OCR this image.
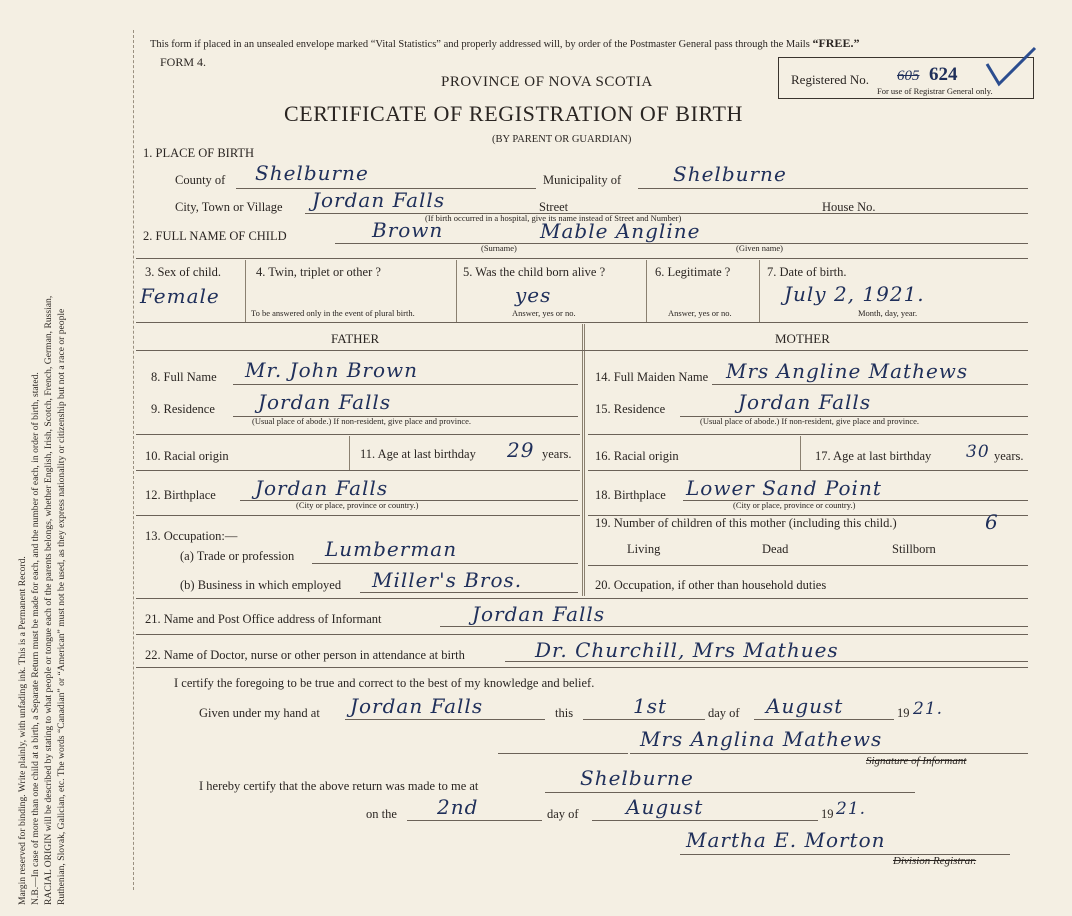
Margin reserved for binding. Write plainly, with unfading ink. This is a Permanent Record. N.B.—In case of more than one child at a birth, a Separate Return must be made for each, and the number of each, in order of birth, stated. RACIAL ORIGIN will be described by stating to what people or tongue each of the parents belongs, whether English, Irish, Scotch, French, German, Russian, Ruthenian, Slovak, Galician, etc. The words “Canadian” or “American” must not be used, as they express nationality or citizenship but not a race or people
This form if placed in an unsealed envelope marked “Vital Statistics” and properly addressed will, by order of the Postmaster General pass through the Mails “FREE.”
FORM 4.
PROVINCE OF NOVA SCOTIA
CERTIFICATE OF REGISTRATION OF BIRTH
(BY PARENT OR GUARDIAN)
Registered No. 605 624
For use of Registrar General only.
1. PLACE OF BIRTH
County of Shelburne	Municipality of	Shelburne
City, Town or Village Jordan Falls	Street	House No.
(If birth occurred in a hospital, give its name instead of Street and Number)
2. FULL NAME OF CHILD	Brown	Mable Angline
(Surname)	(Given name)
3. Sex of child.
Female
4. Twin, triplet or other ?
To be answered only in the event of plural birth.
5. Was the child born alive ?
yes
Answer, yes or no.
6. Legitimate ?
Answer, yes or no.
7. Date of birth.
July 2, 1921.
Month, day, year.
FATHER	MOTHER
8. Full Name Mr. John Brown
9. Residence Jordan Falls
(Usual place of abode.) If non-resident, give place and province.
10. Racial origin	11. Age at last birthday 29 years.
12. Birthplace Jordan Falls
(City or place, province or country.)
13. Occupation:—
(a) Trade or profession Lumberman
(b) Business in which employed Miller's Bros.
14. Full Maiden Name Mrs Angline Mathews
15. Residence	Jordan Falls
(Usual place of abode.) If non-resident, give place and province.
16. Racial origin	17. Age at last birthday 30 years.
18. Birthplace Lower Sand Point
(City or place, province or country.)
19. Number of children of this mother (including this child.)	6
Living	Dead	Stillborn
20. Occupation, if other than household duties
21. Name and Post Office address of Informant	Jordan Falls
22. Name of Doctor, nurse or other person in attendance at birth	Dr. Churchill, Mrs Mathues
I certify the foregoing to be true and correct to the best of my knowledge and belief.
Given under my hand at Jordan Falls	this	1st	day of August	19 21.
Mrs Anglina Mathews
Signature of Informant
I hereby certify that the above return was made to me at	Shelburne
on the 2nd	day of August	19 21.
Martha E. Morton
Division Registrar.
